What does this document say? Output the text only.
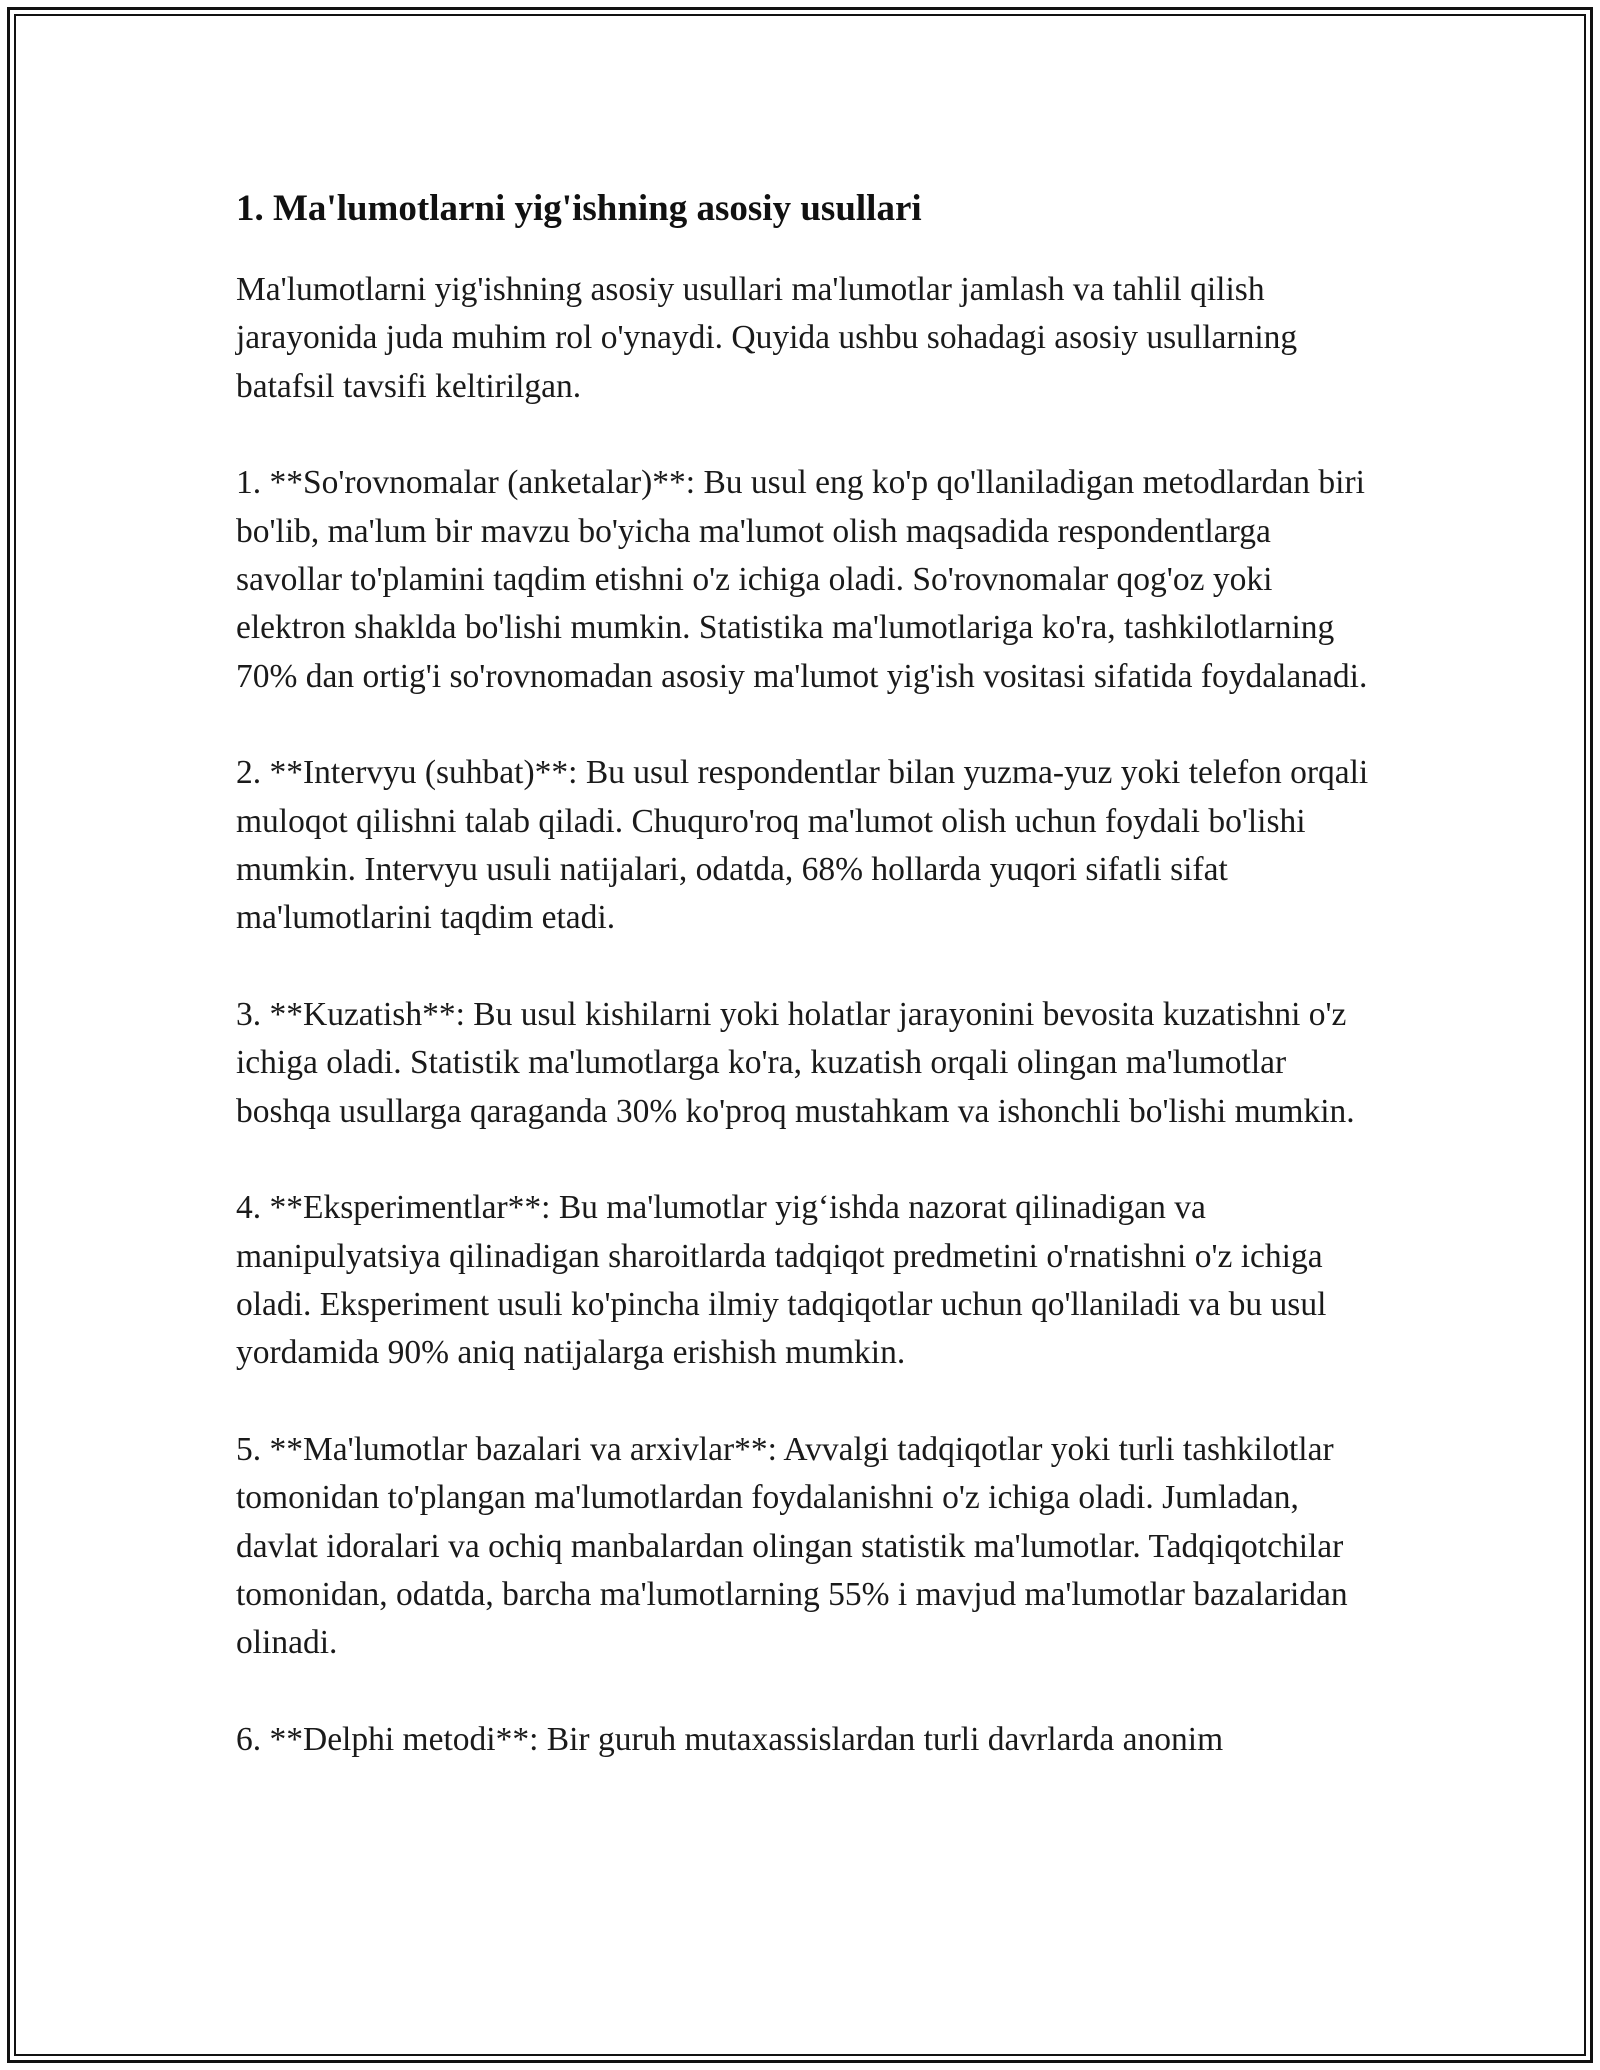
1. Ma'lumotlarni yig'ishning asosiy usullari

Ma'lumotlarni yig'ishning asosiy usullari ma'lumotlar jamlash va tahlil qilish jarayonida juda muhim rol o'ynaydi. Quyida ushbu sohadagi asosiy usullarning batafsil tavsifi keltirilgan.

1. **So'rovnomalar (anketalar)**: Bu usul eng ko'p qo'llaniladigan metodlardan biri bo'lib, ma'lum bir mavzu bo'yicha ma'lumot olish maqsadida respondentlarga savollar to'plamini taqdim etishni o'z ichiga oladi. So'rovnomalar qog'oz yoki elektron shaklda bo'lishi mumkin. Statistika ma'lumotlariga ko'ra, tashkilotlarning 70% dan ortig'i so'rovnomadan asosiy ma'lumot yig'ish vositasi sifatida foydalanadi.

2. **Intervyu (suhbat)**: Bu usul respondentlar bilan yuzma-yuz yoki telefon orqali muloqot qilishni talab qiladi. Chuquro'roq ma'lumot olish uchun foydali bo'lishi mumkin. Intervyu usuli natijalari, odatda, 68% hollarda yuqori sifatli sifat ma'lumotlarini taqdim etadi.

3. **Kuzatish**: Bu usul kishilarni yoki holatlar jarayonini bevosita kuzatishni o'z ichiga oladi. Statistik ma'lumotlarga ko'ra, kuzatish orqali olingan ma'lumotlar boshqa usullarga qaraganda 30% ko'proq mustahkam va ishonchli bo'lishi mumkin.

4. **Eksperimentlar**: Bu ma'lumotlar yig‘ishda nazorat qilinadigan va manipulyatsiya qilinadigan sharoitlarda tadqiqot predmetini o'rnatishni o'z ichiga oladi. Eksperiment usuli ko'pincha ilmiy tadqiqotlar uchun qo'llaniladi va bu usul yordamida 90% aniq natijalarga erishish mumkin.

5. **Ma'lumotlar bazalari va arxivlar**: Avvalgi tadqiqotlar yoki turli tashkilotlar tomonidan to'plangan ma'lumotlardan foydalanishni o'z ichiga oladi. Jumladan, davlat idoralari va ochiq manbalardan olingan statistik ma'lumotlar. Tadqiqotchilar tomonidan, odatda, barcha ma'lumotlarning 55% i mavjud ma'lumotlar bazalaridan olinadi.

6. **Delphi metodi**: Bir guruh mutaxassislardan turli davrlarda anonim
